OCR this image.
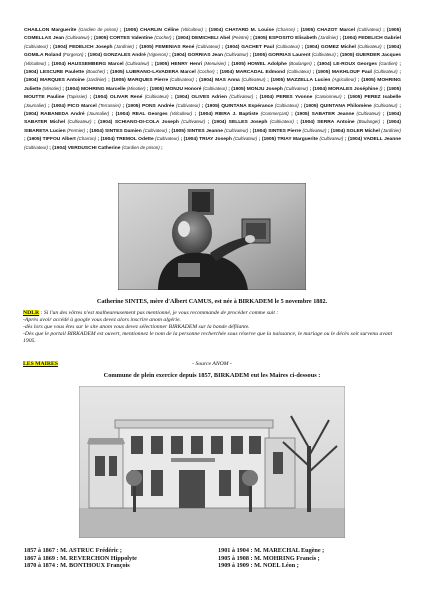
CHAILLON Marguerite (Gardien de prison) ; (1905) CHARLIN Céline (Viticulteur) ; (1904) CHATARD M. Louise (Charron) ; (1905) CHAZOT Marcel (Cultivateur) ; (1905) COMELLAS Jean (Cultivateur) ; (1905) CORTES Valentine (Cocher) ; (1904) DEMICHELI Abel (Peintre) ; (1905) ESPOSITO Elisabeth (Jardinier) ; (1904) FEDELICH Gabriel (Cultivateur) ; (1904) FEDELICH Joseph (Jardinier) ; (1905) FEMENIAS René (Cultivateur) ; (1904) GACHET Paul (Cultivateur) ; (1904) GOMEZ Michel (Cultivateur) ; (1904) GOMILA Roland (Forgeron) ; (1904) GONZALES André (Vigneron) ; (1904) GORRIAS Jean (Cultivateur) ; (1905) GORRIAS Laurent (Cultivateur) ; (1905) GUERDER Jacques (Viticulteur) ; (1904) HAUSSEMBERG Marcel (Cultivateur) ; (1905) HENRY Henri (Menuisier) ; (1905) HOWEL Adolphe (Boulanger) ; (1904) LE-ROUX Georges (Gardien) ; (1904) LESCURE Paulette (Boucher) ; (1905) LUBRANO-LAVADERA Marcel (Cocher) ; (1904) MARCADAL Edmond (Cultivateur) ; (1905) MAKHLOUF Paul (Cultivateur) ; (1904) MARQUES Antoine (Jardinier) ; (1905) MARQUES Pierre (Cultivateur) ; (1904) MAS Anna (Cultivateur) ; (1905) MAZZELLA Lucien (Agriculteur) ; (1905) MOHRING Juliette (Minotier) ; (1904) MOHRING Marcelle (Minotier) ; (1905) MONJU Honoré (Cultivateur) ; (1905) MONJU Joseph (Cultivateur) ; (1904) MORALES Joséphine () ; (1905) MOUTTE Pauline (Tapissier) ; (1904) OLIVAR René (Cultivateur) ; (1904) OLIVES Adrien (Cultivateur) ; (1904) PERES Yvonne (Camionneur) ; (1905) PEREZ Isabelle (Journalier) ; (1904) PICO Marcel (Terrassier) ; (1905) PONS Andrée (Cultivateur) ; (1905) QUINTANA Espérance (Cultivateur) ; (1905) QUINTANA Philomène (Cultivateur) ; (1904) RABANEDA André (Journalier) ; (1904) REAL Georges (Viticulteur) ; (1904) RIERA J. Baptiste (Commerçant) ; (1905) SABATER Jeanne (Cultivateur) ; (1904) SABATER Michel (Cultivateur) ; (1904) SCHIANO-DI-COLA Joseph (Cultivateur) ; (1904) SELLES Joseph (Cultivateur) ; (1904) SERRA Antoine (Boulanger) ; (1904) SIBARETA Lucien (Fermier) ; (1904) SINTES Damien (Cultivateur) ; (1905) SINTES Jeanne (Cultivateur) ; (1904) SINTES Pierre (Cultivateur) ; (1904) SOLER Michel (Jardinier) ; (1905) TIFFOU Albert (Charron) ; (1904) TREMOL Odette (Cultivateur) ; (1904) TRIAY Joseph (Cultivateur) ; (1905) TRIAY Marguerite (Cultivateur) ; (1904) VADELL Jeanne (Cultivateur) ; (1904) VERDUSCHI Catherine (Gardien de prison) ;
Catherine SINTES, mère d'Albert CAMUS, est née à BIRKADEM le 5 novembre 1882.
NDLR : Si l'un des vôtres n'est malheureusement pas mentionné, je vous recommande de procéder comme suit :
-Après avoir accédé à google vous devez alors inscrire anom algérie.
-dès lors que vous êtes sur le site anom vous devez sélectionner BIRKADEM sur la bande défilante.
-Dès que le portail BIRKADEM est ouvert, mentionnez le nom de la personne recherchée sous réserve que la naissance, le mariage ou le décès soit survenu avant 1905.
LES MAIRES	- Source ANOM -
Commune de plein exercice depuis 1857, BIRKADEM eut les Maires ci-dessous :
1857 à 1867 : M. ASTRUC Frédéric ;
1867 à 1869 : M. REVERCHON Hippolyte
1870 à 1874 : M. BONTHOUX François
1901 à 1904 : M. MARECHAL Eugène ;
1905 à 1908 : M. MOHRING Francis ;
1909 à 1909 : M. NOEL Léon ;
